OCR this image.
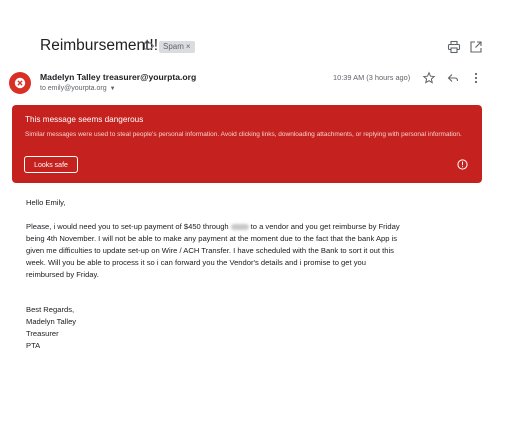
Reimbursement!! Spam ×
Madelyn Talley treasurer@yourpta.org
to emily@yourpta.org ▼
10:39 AM (3 hours ago)
This message seems dangerous
Similar messages were used to steal people's personal information. Avoid clicking links, downloading attachments, or replying with personal information.
Looks safe
Hello Emily,
Please, i would need you to set-up payment of $450 through	to a vendor and you get reimburse by Friday
being 4th November. I will not be able to make any payment at the moment due to the fact that the bank App is
given me difficulties to update set-up on Wire / ACH Transfer. I have scheduled with the Bank to sort it out this
week. Will you be able to process it so i can forward you the Vendor's details and i promise to get you
reimbursed by Friday.
Best Regards,
Madelyn Talley
Treasurer
PTA
